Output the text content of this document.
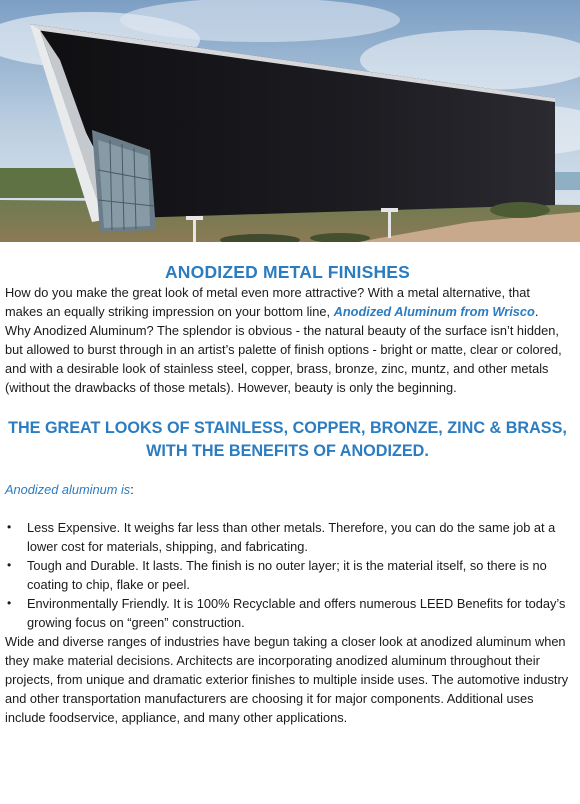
ANODIZED METAL FINISHES

How do you make the great look of metal even more attractive? With a metal alternative, that makes an equally striking impression on your bottom line, Anodized Aluminum from Wrisco.

Why Anodized Aluminum? The splendor is obvious - the natural beauty of the surface isn’t hidden, but allowed to burst through in an artist’s palette of finish options - bright or matte, clear or colored, and with a desirable look of stainless steel, copper, brass, bronze, zinc, muntz, and other metals (without the drawbacks of those metals). However, beauty is only the beginning.

THE GREAT LOOKS OF STAINLESS, COPPER, BRONZE, ZINC & BRASS,
WITH THE BENEFITS OF ANODIZED.
Anodized aluminum is:
• Less Expensive. It weighs far less than other metals. Therefore, you can do the same job at a lower cost for materials, shipping, and fabricating.
• Tough and Durable. It lasts. The finish is no outer layer; it is the material itself, so there is no coating to chip, flake or peel.
• Environmentally Friendly. It is 100% Recyclable and offers numerous LEED Benefits for today’s growing focus on “green” construction.

Wide and diverse ranges of industries have begun taking a closer look at anodized aluminum when they make material decisions. Architects are incorporating anodized aluminum throughout their projects, from unique and dramatic exterior finishes to multiple inside uses. The automotive industry and other transportation manufacturers are choosing it for major components. Additional uses include foodservice, appliance, and many other applications.
